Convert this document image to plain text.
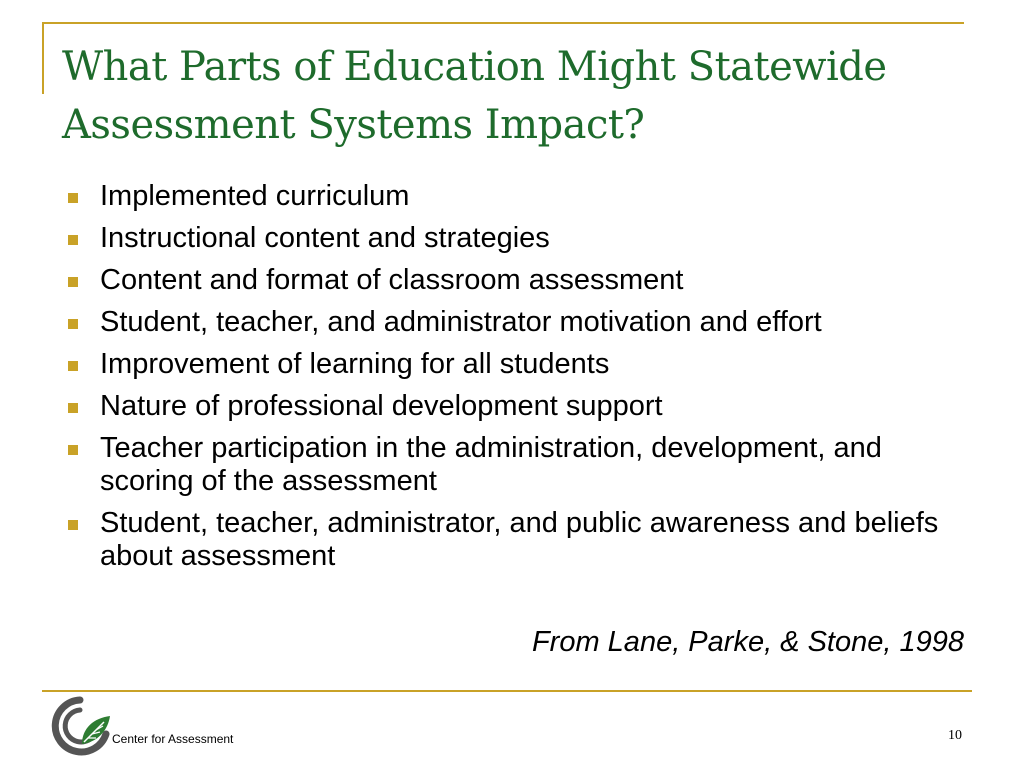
What Parts of Education Might Statewide
Assessment Systems Impact?
Implemented curriculum
Instructional content and strategies
Content and format of classroom assessment
Student, teacher, and administrator motivation and effort
Improvement of learning for all students
Nature of professional development support
Teacher participation in the administration, development, and scoring of the assessment
Student, teacher, administrator, and public awareness and beliefs about assessment

From Lane, Parke, & Stone, 1998

Center for Assessment	10
